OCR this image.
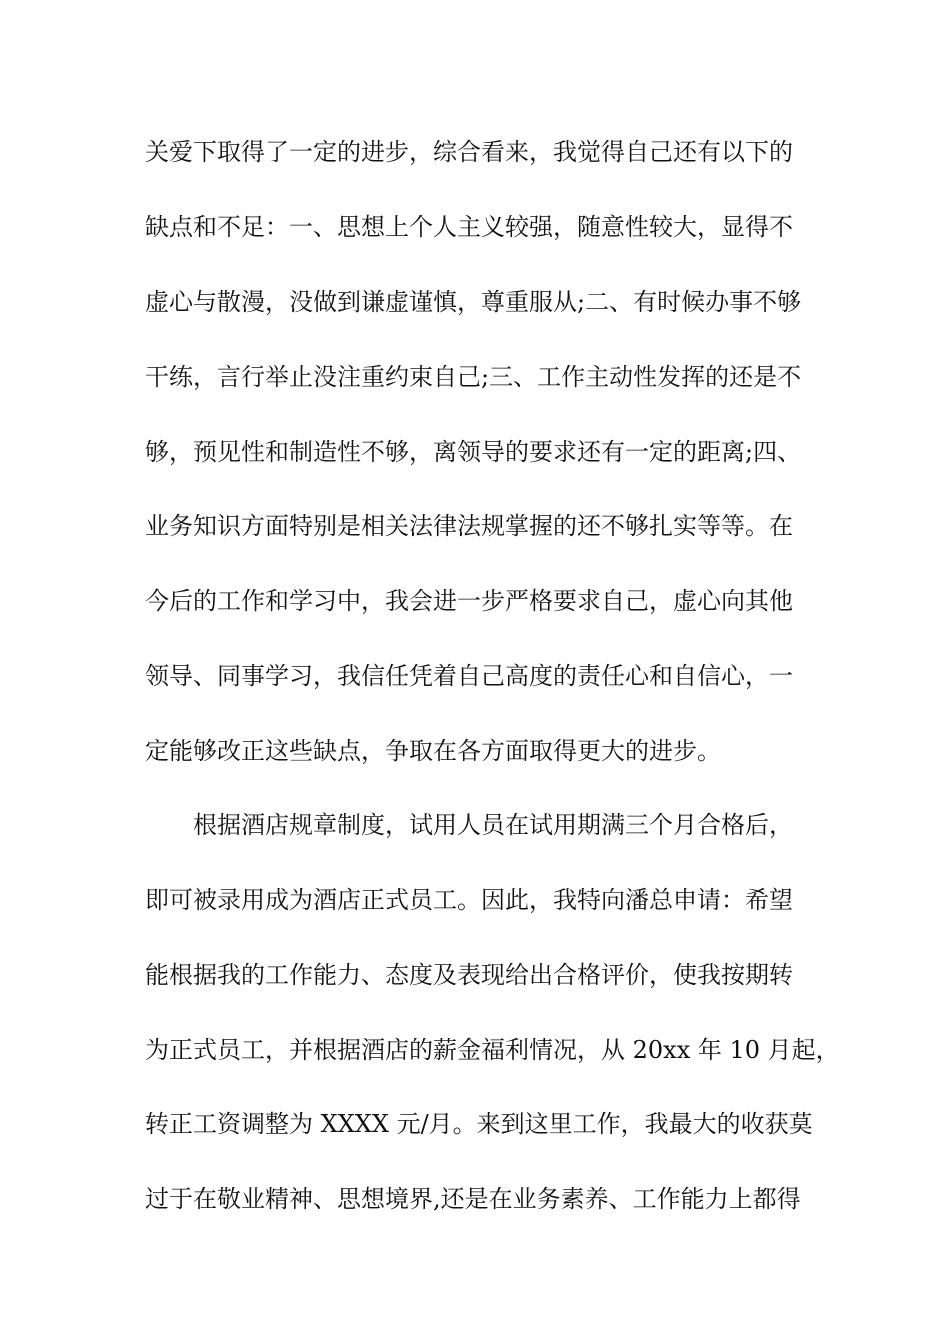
关爱下取得了一定的进步，综合看来，我觉得自己还有以下的
缺点和不足：一、思想上个人主义较强，随意性较大，显得不
虚心与散漫，没做到谦虚谨慎，尊重服从;二、有时候办事不够
干练，言行举止没注重约束自己;三、工作主动性发挥的还是不
够，预见性和制造性不够，离领导的要求还有一定的距离;四、
业务知识方面特别是相关法律法规掌握的还不够扎实等等。在
今后的工作和学习中，我会进一步严格要求自己，虚心向其他
领导、同事学习，我信任凭着自己高度的责任心和自信心，一
定能够改正这些缺点，争取在各方面取得更大的进步。
根据酒店规章制度，试用人员在试用期满三个月合格后，
即可被录用成为酒店正式员工。因此，我特向潘总申请：希望
能根据我的工作能力、态度及表现给出合格评价，使我按期转
为正式员工，并根据酒店的薪金福利情况，从 20xx 年 10 月起，
转正工资调整为 XXXX 元/月。来到这里工作，我最大的收获莫
过于在敬业精神、思想境界,还是在业务素养、工作能力上都得
